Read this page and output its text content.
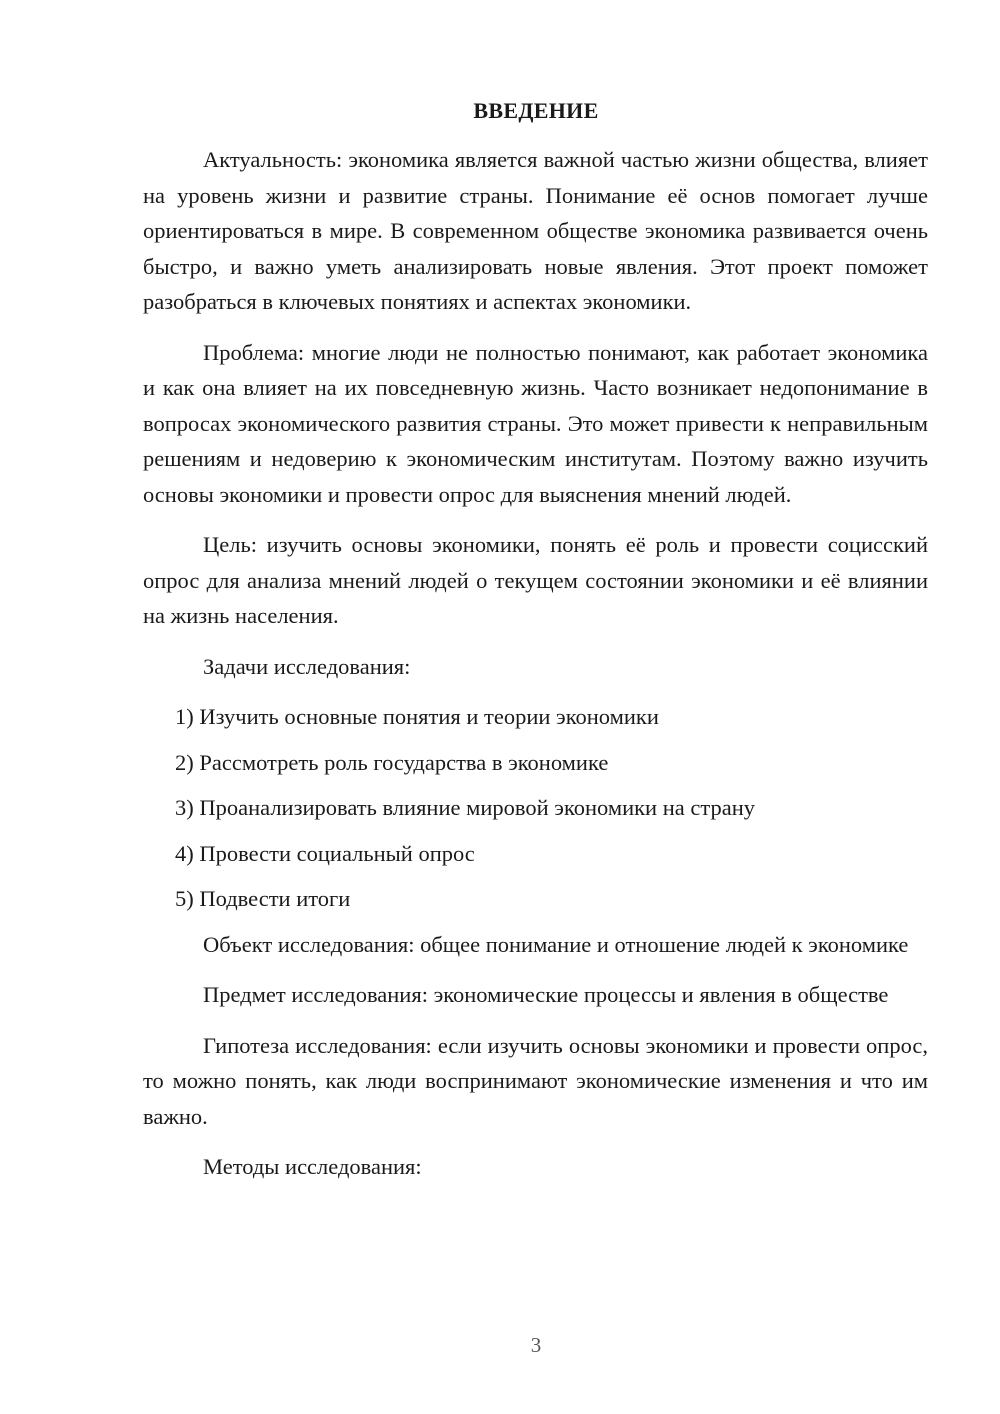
ВВЕДЕНИЕ

Актуальность: экономика является важной частью жизни общества, влияет на уровень жизни и развитие страны. Понимание её основ помогает лучше ориентироваться в мире. В современном обществе экономика развивается очень быстро, и важно уметь анализировать новые явления. Этот проект поможет разобраться в ключевых понятиях и аспектах экономики.

Проблема: многие люди не полностью понимают, как работает экономика и как она влияет на их повседневную жизнь. Часто возникает недопонимание в вопросах экономического развития страны. Это может привести к неправильным решениям и недоверию к экономическим институтам. Поэтому важно изучить основы экономики и провести опрос для выяснения мнений людей.

Цель: изучить основы экономики, понять её роль и провести социсский опрос для анализа мнений людей о текущем состоянии экономики и её влиянии на жизнь населения.

Задачи исследования:

1) Изучить основные понятия и теории экономики

2) Рассмотреть роль государства в экономике

3) Проанализировать влияние мировой экономики на страну

4) Провести социальный опрос

5) Подвести итоги

Объект исследования: общее понимание и отношение людей к экономике

Предмет исследования: экономические процессы и явления в обществе

Гипотеза исследования: если изучить основы экономики и провести опрос, то можно понять, как люди воспринимают экономические изменения и что им важно.

Методы исследования:

3
